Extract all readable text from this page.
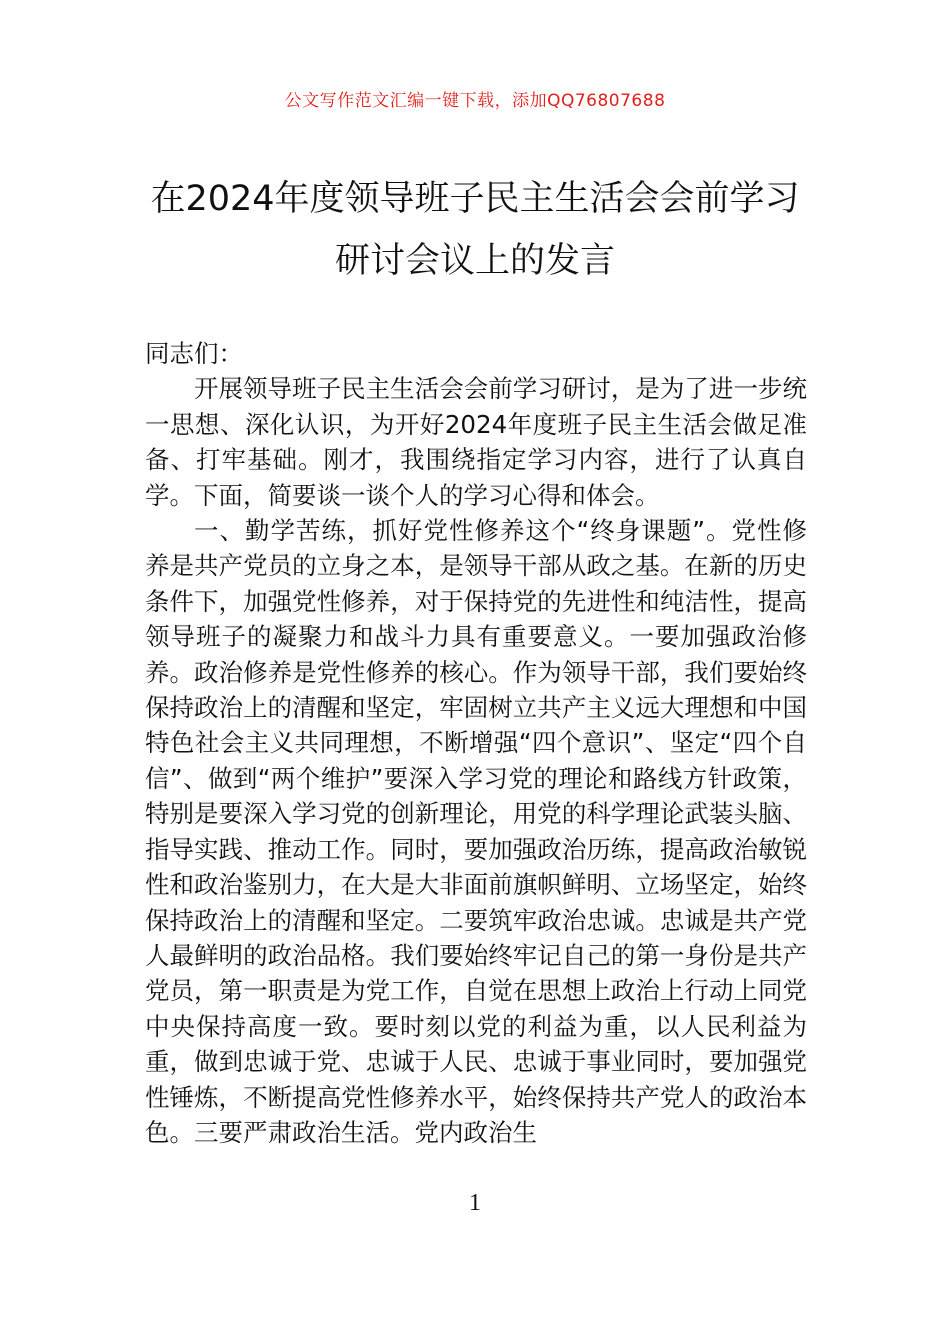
公文写作范文汇编一键下载，添加QQ76807688
在2024年度领导班子民主生活会会前学习
研讨会议上的发言

同志们：

开展领导班子民主生活会会前学习研讨，是为了进一步统一思想、深化认识，为开好2024年度班子民主生活会做足准备、打牢基础。刚才，我围绕指定学习内容，进行了认真自学。下面，简要谈一谈个人的学习心得和体会。

一、勤学苦练，抓好党性修养这个“终身课题”。党性修养是共产党员的立身之本，是领导干部从政之基。在新的历史条件下，加强党性修养，对于保持党的先进性和纯洁性，提高领导班子的凝聚力和战斗力具有重要意义。一要加强政治修养。政治修养是党性修养的核心。作为领导干部，我们要始终保持政治上的清醒和坚定，牢固树立共产主义远大理想和中国特色社会主义共同理想，不断增强“四个意识”、坚定“四个自信”、做到“两个维护”要深入学习党的理论和路线方针政策，特别是要深入学习党的创新理论，用党的科学理论武装头脑、指导实践、推动工作。同时，要加强政治历练，提高政治敏锐性和政治鉴别力，在大是大非面前旗帜鲜明、立场坚定，始终保持政治上的清醒和坚定。二要筑牢政治忠诚。忠诚是共产党人最鲜明的政治品格。我们要始终牢记自己的第一身份是共产党员，第一职责是为党工作，自觉在思想上政治上行动上同党中央保持高度一致。要时刻以党的利益为重，以人民利益为重，做到忠诚于党、忠诚于人民、忠诚于事业同时，要加强党性锤炼，不断提高党性修养水平，始终保持共产党人的政治本色。三要严肃政治生活。党内政治生

1
